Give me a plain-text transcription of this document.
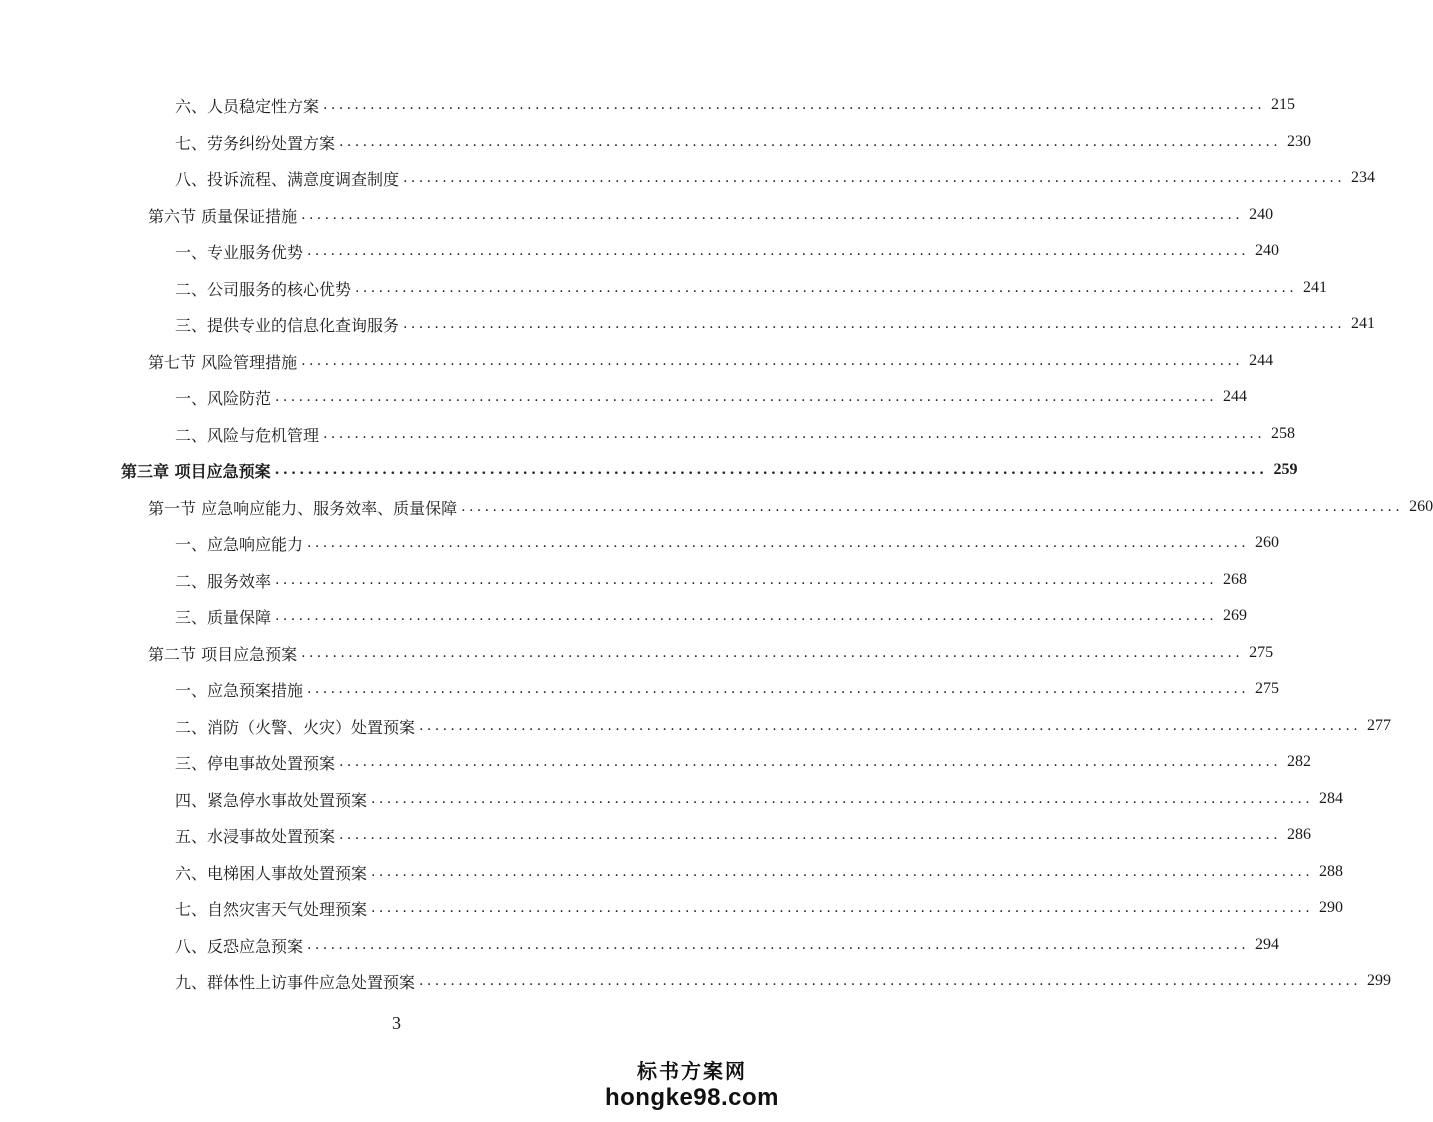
六、人员稳定性方案 ........................................................................................................................ 215
七、劳务纠纷处置方案 ........................................................................................................................ 230
八、投诉流程、满意度调查制度 ........................................................................................................................ 234
第六节 质量保证措施 ........................................................................................................................ 240
一、专业服务优势 ........................................................................................................................ 240
二、公司服务的核心优势 ........................................................................................................................ 241
三、提供专业的信息化查询服务 ........................................................................................................................ 241
第七节 风险管理措施 ........................................................................................................................ 244
一、风险防范 ........................................................................................................................ 244
二、风险与危机管理 ........................................................................................................................ 258
第三章 项目应急预案 ........................................................................................................................ 259
第一节 应急响应能力、服务效率、质量保障 ........................................................................................................................ 260
一、应急响应能力 ........................................................................................................................ 260
二、服务效率 ........................................................................................................................ 268
三、质量保障 ........................................................................................................................ 269
第二节 项目应急预案 ........................................................................................................................ 275
一、应急预案措施 ........................................................................................................................ 275
二、消防（火警、火灾）处置预案 ........................................................................................................................ 277
三、停电事故处置预案 ........................................................................................................................ 282
四、紧急停水事故处置预案 ........................................................................................................................ 284
五、水浸事故处置预案 ........................................................................................................................ 286
六、电梯困人事故处置预案 ........................................................................................................................ 288
七、自然灾害天气处理预案 ........................................................................................................................ 290
八、反恐应急预案 ........................................................................................................................ 294
九、群体性上访事件应急处置预案 ........................................................................................................................ 299
3
标书方案网
hongke98.com
